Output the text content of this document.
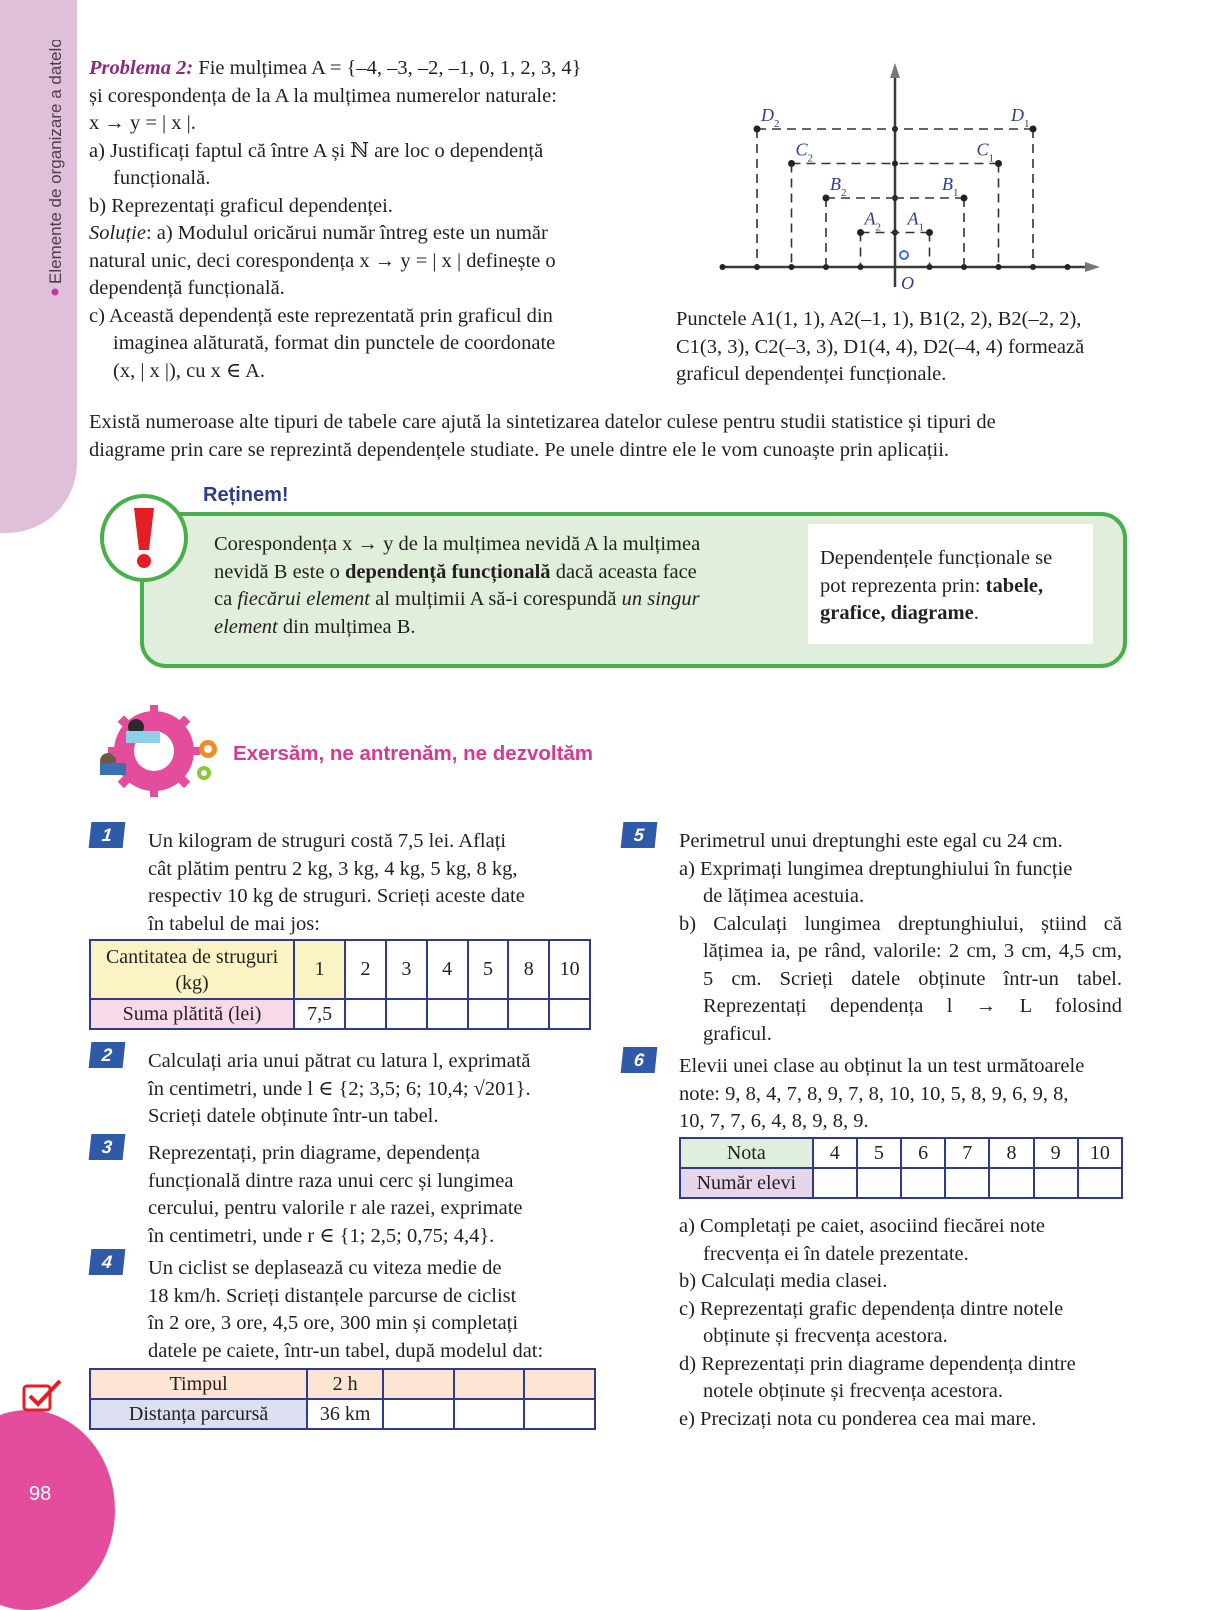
Elemente de organizare a datelor
98
Problema 2: Fie mulțimea A = {–4, –3, –2, –1, 0, 1, 2, 3, 4}
și corespondența de la A la mulțimea numerelor naturale:
x → y = | x |.
a) Justificați faptul că între A și ℕ are loc o dependență
funcțională.
b) Reprezentați graficul dependenței.
Soluție: a) Modulul oricărui număr întreg este un număr
natural unic, deci corespondența x → y = | x | definește o
dependență funcțională.
c) Această dependență este reprezentată prin graficul din
imaginea alăturată, format din punctele de coordonate
(x, | x |), cu x ∈ A.
$A_1$
$A_2$
$B_1$
$B_2$
$C_1$
$C_2$
$D_1$
$D_2$
O
Punctele A1(1, 1), A2(–1, 1), B1(2, 2), B2(–2, 2),
C1(3, 3), C2(–3, 3), D1(4, 4), D2(–4, 4) formează
graficul dependenței funcționale.
Există numeroase alte tipuri de tabele care ajută la sintetizarea datelor culese pentru studii statistice și tipuri de
diagrame prin care se reprezintă dependențele studiate. Pe unele dintre ele le vom cunoaște prin aplicații.
Reținem!
Corespondența x → y de la mulțimea nevidă A la mulțimea
nevidă B este o dependență funcțională dacă aceasta face
ca fiecărui element al mulțimii A să-i corespundă un singur
element din mulțimea B.
Dependențele funcționale se
pot reprezenta prin: tabele,
grafice, diagrame.
Exersăm, ne antrenăm, ne dezvoltăm
1	Un kilogram de struguri costă 7,5 lei. Aflați
cât plătim pentru 2 kg, 3 kg, 4 kg, 5 kg, 8 kg,
respectiv 10 kg de struguri. Scrieți aceste date
în tabelul de mai jos:
Cantitatea de struguri (kg)	1	2	3	4	5	8	10
Suma plătită (lei)	7,5						
2	Calculați aria unui pătrat cu latura l, exprimată
în centimetri, unde l ∈ {2; 3,5; 6; 10,4; √201}.
Scrieți datele obținute într-un tabel.
3	Reprezentați, prin diagrame, dependența
funcțională dintre raza unui cerc și lungimea
cercului, pentru valorile r ale razei, exprimate
în centimetri, unde r ∈ {1; 2,5; 0,75; 4,4}.
4	Un ciclist se deplasează cu viteza medie de
18 km/h. Scrieți distanțele parcurse de ciclist
în 2 ore, 3 ore, 4,5 ore, 300 min și completați
datele pe caiete, într-un tabel, după modelul dat:
Timpul	2 h			
Distanța parcursă	36 km			
5	Perimetrul unui dreptunghi este egal cu 24 cm.
a) Exprimați lungimea dreptunghiului în funcție
de lățimea acestuia.
b) Calculați lungimea dreptunghiului, știind că
lățimea ia, pe rând, valorile: 2 cm, 3 cm, 4,5 cm,
5 cm. Scrieți datele obținute într-un tabel.
Reprezentați dependența l → L folosind
graficul.
6	Elevii unei clase au obținut la un test următoarele
note: 9, 8, 4, 7, 8, 9, 7, 8, 10, 10, 5, 8, 9, 6, 9, 8,
10, 7, 7, 6, 4, 8, 9, 8, 9.
Nota	4	5	6	7	8	9	10
Număr elevi							
a) Completați pe caiet, asociind fiecărei note
frecvența ei în datele prezentate.
b) Calculați media clasei.
c) Reprezentați grafic dependența dintre notele
obținute și frecvența acestora.
d) Reprezentați prin diagrame dependența dintre
notele obținute și frecvența acestora.
e) Precizați nota cu ponderea cea mai mare.
